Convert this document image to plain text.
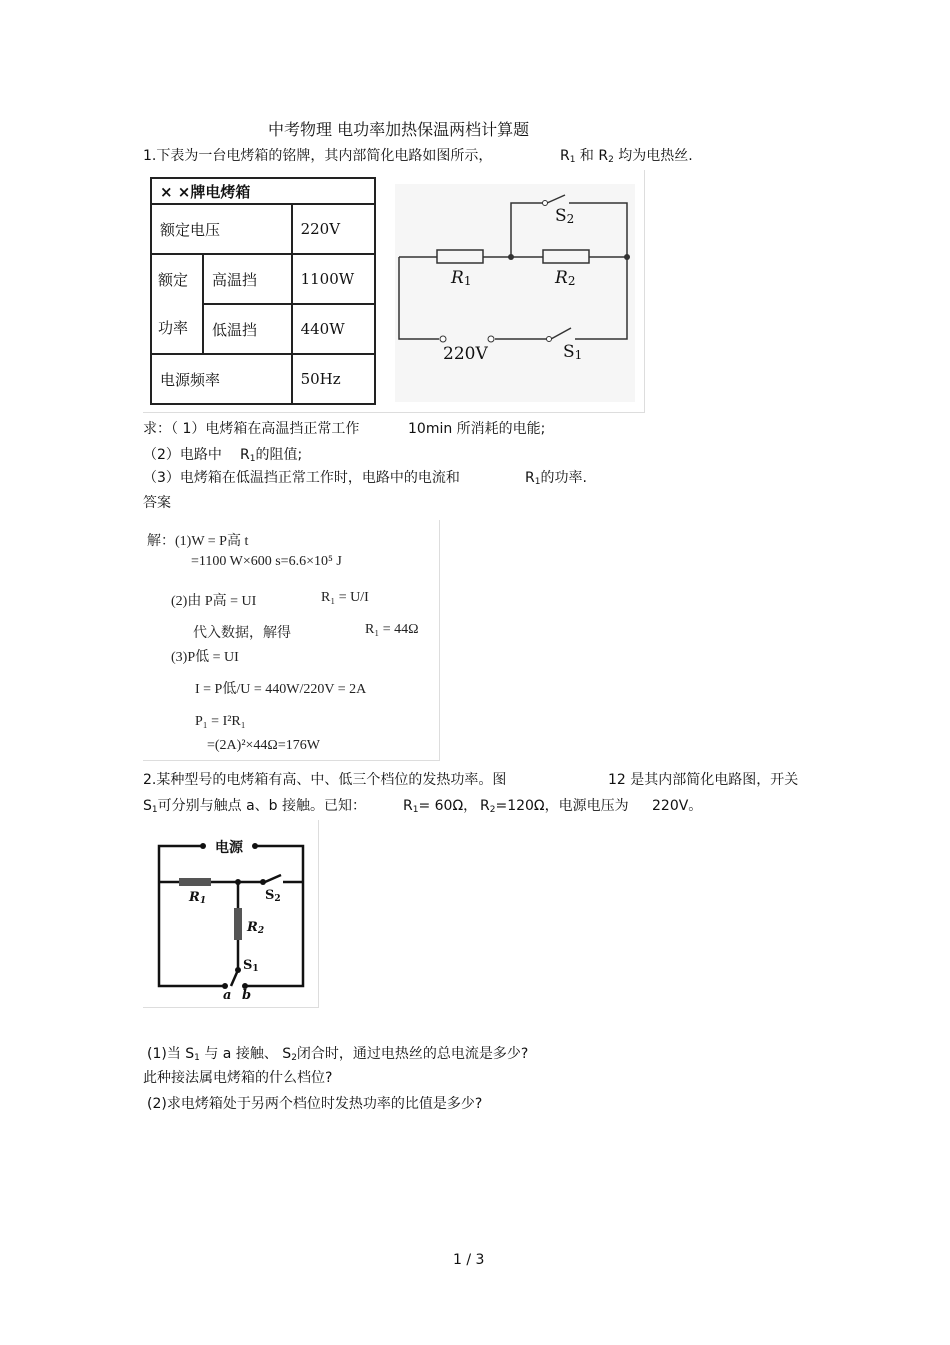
中考物理 电功率加热保温两档计算题
1.下表为一台电烤箱的铭牌，其内部简化电路如图所示，	$R_1$ 和 $R_2$ 均为电热丝.
× ×牌电烤箱		
额定电压		220V

额定
功率	高温挡	1100W
	低温挡	440W
电源频率		50Hz
S2
R1	R2
220V	S1
求：（ 1）电烤箱在高温挡正常工作	10min 所消耗的电能;
（2）电路中 $R_1$的阻值;
（3）电烤箱在低温挡正常工作时，电路中的电流和	$R_1$的功率.
答案
解：(1)W = P高 t
=1100 W×600 s=6.6×10⁵ J
(2)由 P高 = UI	R₁ = U/I
代入数据，解得	R₁ = 44Ω
(3)P低 = UI
I = P低/U = 440W/220V = 2A
P₁ = I²R₁
=(2A)²×44Ω=176W
2.某种型号的电烤箱有高、中、低三个档位的发热功率。图	12 是其内部简化电路图，开关
$S_1$可分别与触点 a、b 接触。已知：	$R_1= 60\Omega$， $R_2=120\Omega$，电源电压为 220V。
电源
$R_1$	$S_2$
$R_2$
$S_1$
a b
(1)当 $S_1$ 与 a 接触、 $S_2$闭合时，通过电热丝的总电流是多少?
此种接法属电烤箱的什么档位?
(2)求电烤箱处于另两个档位时发热功率的比值是多少?
1 / 3
